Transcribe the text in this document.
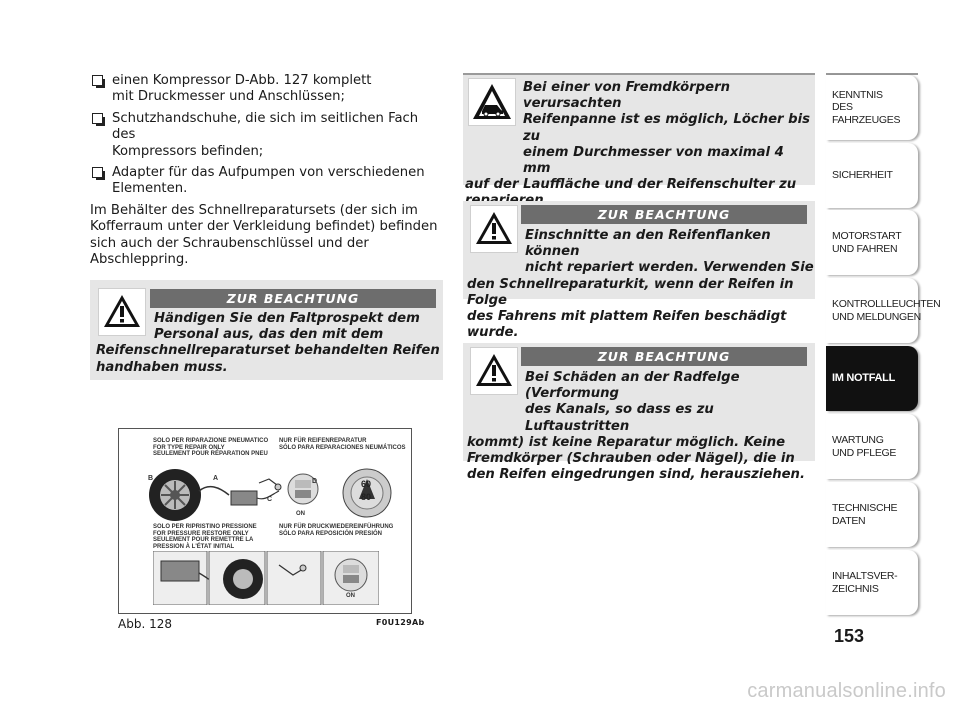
einen Kompressor D-Abb. 127 komplett
mit Druckmesser und Anschlüssen;
Schutzhandschuhe, die sich im seitlichen Fach des
Kompressors befinden;
Adapter für das Aufpumpen von verschiedenen
Elementen.
Im Behälter des Schnellreparatursets (der sich im
Kofferraum unter der Verkleidung befindet) befinden
sich auch der Schraubenschlüssel und der Abschleppring.
ZUR BEACHTUNG
Händigen Sie den Faltprospekt dem
Personal aus, das den mit dem
Reifenschnellreparaturset behandelten Reifen
handhaben muss.
Bei einer von Fremdkörpern verursachten
Reifenpanne ist es möglich, Löcher bis zu
einem Durchmesser von maximal 4 mm
auf der Lauffläche und der Reifenschulter zu
ZUR BEACHTUNG
Einschnitte an den Reifenflanken können
nicht repariert werden. Verwenden Sie
den Schnellreparaturkit, wenn der Reifen in Folge
des Fahrens mit plattem Reifen beschädigt wurde.
ZUR BEACHTUNG
Bei Schäden an der Radfelge (Verformung
des Kanals, so dass es zu Luftaustritten
kommt) ist keine Reparatur möglich. Keine
Fremdkörper (Schrauben oder Nägel), die in
den Reifen eingedrungen sind, herausziehen.
SOLO PER RIPARAZIONE PNEUMATICO
FOR TYPE REPAIR ONLY
SEULEMENT POUR RÉPARATION PNEU
NUR FÜR REIFENREPARATUR
SÓLO PARA REPARACIONES NEUMÁTICOS
B	A
C
D
ON
60
80
SOLO PER RIPRISTINO PRESSIONE
FOR PRESSURE RESTORE ONLY
SEULEMENT POUR REMETTRE LA
PRESSION À L'ÉTAT INITIAL
NUR FÜR DRUCKWIEDEREINFÜHRUNG
SÓLO PARA REPOSICIÓN PRESIÓN
ON
Abb. 128	F0U129Ab
KENNTNIS
DES FAHRZEUGES
SICHERHEIT
MOTORSTART
UND FAHREN
KONTROLLLEUCHTEN
UND MELDUNGEN
IM NOTFALL
WARTUNG
UND PFLEGE
TECHNISCHE
DATEN
INHALTSVER-
ZEICHNIS
153
carmanualsonline.info
